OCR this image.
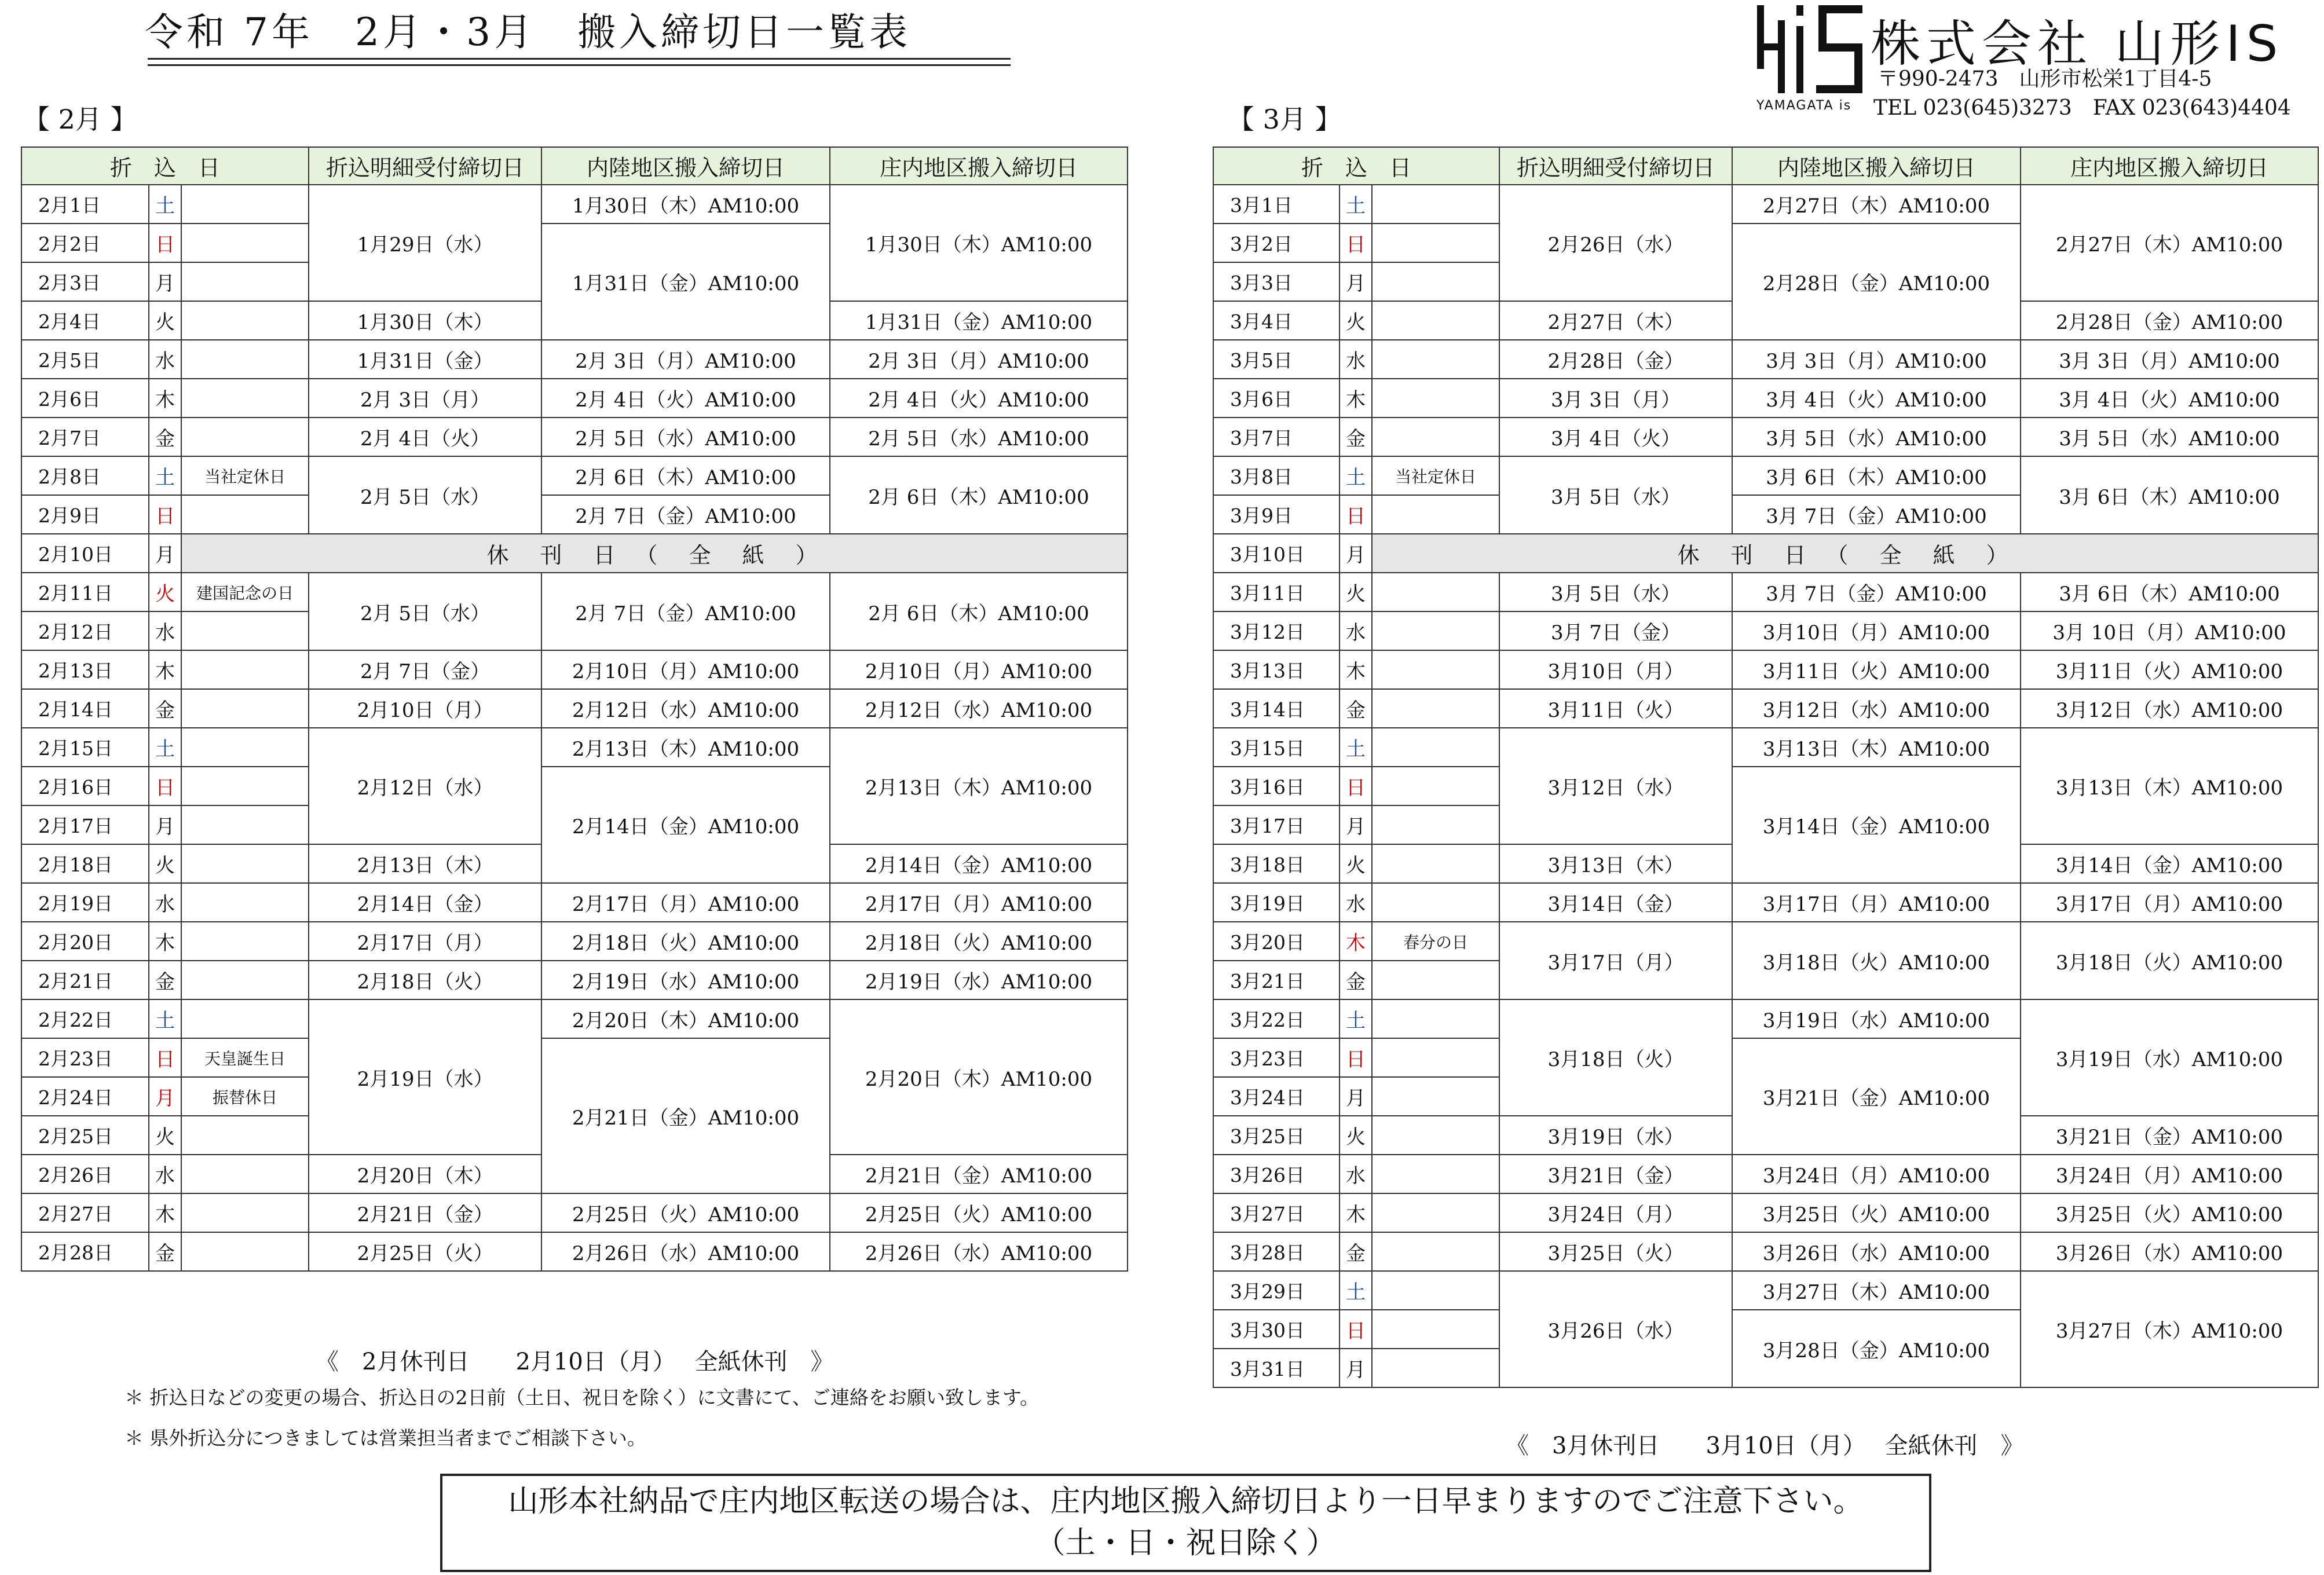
令和 7年　2月・3月　搬入締切日一覧表
YAMAGATA is
株式会社 山形IS
〒990-2473　山形市松栄1丁目4-5
TEL 023(645)3273　FAX 023(643)4404
【 2月 】	【 3月 】
折　込　日			折込明細受付締切日	内陸地区搬入締切日	庄内地区搬入締切日
2月1日	土		1月29日（水）	1月30日（木）AM10:00	1月30日（木）AM10:00
2月2日	日			1月31日（金）AM10:00	
2月3日	月				
2月4日	火		1月30日（木）		1月31日（金）AM10:00
2月5日	水		1月31日（金）	2月 3日（月）AM10:00	2月 3日（月）AM10:00
2月6日	木		2月 3日（月）	2月 4日（火）AM10:00	2月 4日（火）AM10:00
2月7日	金		2月 4日（火）	2月 5日（水）AM10:00	2月 5日（水）AM10:00
2月8日	土	当社定休日	2月 5日（水）	2月 6日（木）AM10:00	2月 6日（木）AM10:00
2月9日	日			2月 7日（金）AM10:00	
2月10日	月	休　刊　日　（　全　紙　）			
2月11日	火	建国記念の日	2月 5日（水）	2月 7日（金）AM10:00	2月 6日（木）AM10:00
2月12日	水				
2月13日	木		2月 7日（金）	2月10日（月）AM10:00	2月10日（月）AM10:00
2月14日	金		2月10日（月）	2月12日（水）AM10:00	2月12日（水）AM10:00
2月15日	土		2月12日（水）	2月13日（木）AM10:00	2月13日（木）AM10:00
2月16日	日			2月14日（金）AM10:00	
2月17日	月				
2月18日	火		2月13日（木）		2月14日（金）AM10:00
2月19日	水		2月14日（金）	2月17日（月）AM10:00	2月17日（月）AM10:00
2月20日	木		2月17日（月）	2月18日（火）AM10:00	2月18日（火）AM10:00
2月21日	金		2月18日（火）	2月19日（水）AM10:00	2月19日（水）AM10:00
2月22日	土		2月19日（水）	2月20日（木）AM10:00	2月20日（木）AM10:00
2月23日	日	天皇誕生日		2月21日（金）AM10:00	
2月24日	月	振替休日			
2月25日	火				
2月26日	水		2月20日（木）		2月21日（金）AM10:00
2月27日	木		2月21日（金）	2月25日（火）AM10:00	2月25日（火）AM10:00
2月28日	金		2月25日（火）	2月26日（水）AM10:00	2月26日（水）AM10:00
折　込　日			折込明細受付締切日	内陸地区搬入締切日	庄内地区搬入締切日
3月1日	土		2月26日（水）	2月27日（木）AM10:00	2月27日（木）AM10:00
3月2日	日			2月28日（金）AM10:00	
3月3日	月				
3月4日	火		2月27日（木）		2月28日（金）AM10:00
3月5日	水		2月28日（金）	3月 3日（月）AM10:00	3月 3日（月）AM10:00
3月6日	木		3月 3日（月）	3月 4日（火）AM10:00	3月 4日（火）AM10:00
3月7日	金		3月 4日（火）	3月 5日（水）AM10:00	3月 5日（水）AM10:00
3月8日	土	当社定休日	3月 5日（水）	3月 6日（木）AM10:00	3月 6日（木）AM10:00
3月9日	日			3月 7日（金）AM10:00	
3月10日	月	休　刊　日　（　全　紙　）			
3月11日	火		3月 5日（水）	3月 7日（金）AM10:00	3月 6日（木）AM10:00
3月12日	水		3月 7日（金）	3月10日（月）AM10:00	3月 10日（月）AM10:00
3月13日	木		3月10日（月）	3月11日（火）AM10:00	3月11日（火）AM10:00
3月14日	金		3月11日（火）	3月12日（水）AM10:00	3月12日（水）AM10:00
3月15日	土		3月12日（水）	3月13日（木）AM10:00	3月13日（木）AM10:00
3月16日	日			3月14日（金）AM10:00	
3月17日	月				
3月18日	火		3月13日（木）		3月14日（金）AM10:00
3月19日	水		3月14日（金）	3月17日（月）AM10:00	3月17日（月）AM10:00
3月20日	木	春分の日	3月17日（月）	3月18日（火）AM10:00	3月18日（火）AM10:00
3月21日	金				
3月22日	土		3月18日（火）	3月19日（水）AM10:00	3月19日（水）AM10:00
3月23日	日			3月21日（金）AM10:00	
3月24日	月				
3月25日	火		3月19日（水）		3月21日（金）AM10:00
3月26日	水		3月21日（金）	3月24日（月）AM10:00	3月24日（月）AM10:00
3月27日	木		3月24日（月）	3月25日（火）AM10:00	3月25日（火）AM10:00
3月28日	金		3月25日（火）	3月26日（水）AM10:00	3月26日（水）AM10:00
3月29日	土		3月26日（水）	3月27日（木）AM10:00	3月27日（木）AM10:00
3月30日	日			3月28日（金）AM10:00	
3月31日	月				
《　2月休刊日　　2月10日（月）　 全紙休刊　》
＊ 折込日などの変更の場合、折込日の2日前（土日、祝日を除く）に文書にて、ご連絡をお願い致します。
＊ 県外折込分につきましては営業担当者までご相談下さい。	《　3月休刊日　　3月10日（月）　 全紙休刊　》
山形本社納品で庄内地区転送の場合は、庄内地区搬入締切日より一日早まりますのでご注意下さい。
（土・日・祝日除く）
